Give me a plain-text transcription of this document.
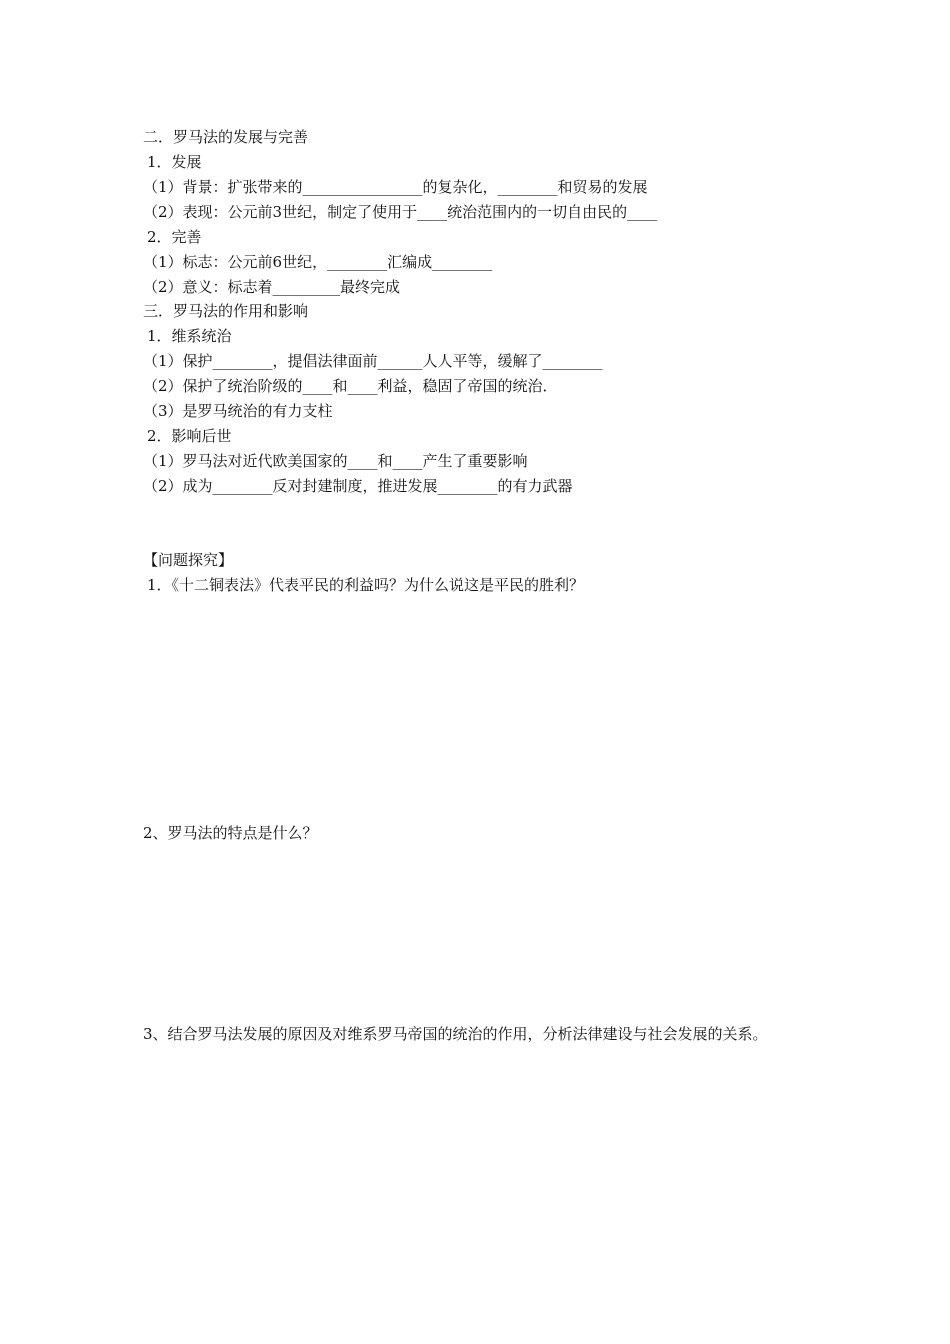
二．罗马法的发展与完善
1．发展
（1）背景：扩张带来的________________的复杂化，________和贸易的发展
（2）表现：公元前3世纪，制定了使用于____统治范围内的一切自由民的____
2．完善
（1）标志：公元前6世纪，________汇编成________
（2）意义：标志着_________最终完成
三．罗马法的作用和影响
1．维系统治
（1）保护________，提倡法律面前______人人平等，缓解了________
（2）保护了统治阶级的____和____利益，稳固了帝国的统治．
（3）是罗马统治的有力支柱
2．影响后世
（1）罗马法对近代欧美国家的____和____产生了重要影响
（2）成为________反对封建制度，推进发展________的有力武器
【问题探究】
1．《十二铜表法》代表平民的利益吗？为什么说这是平民的胜利？
2、罗马法的特点是什么？
3、结合罗马法发展的原因及对维系罗马帝国的统治的作用，分析法律建设与社会发展的关系。
